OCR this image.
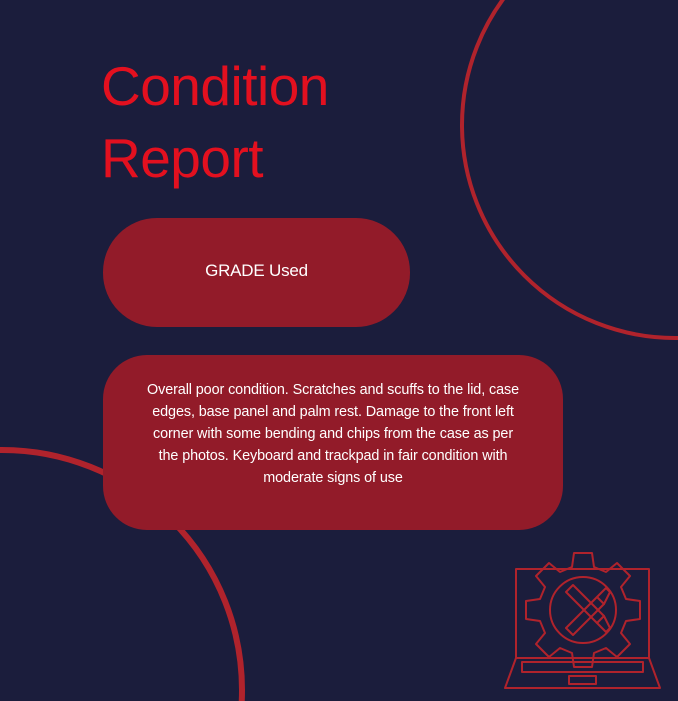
Condition
Report
GRADE Used

Overall poor condition. Scratches and scuffs to the lid, case edges, base panel and palm rest. Damage to the front left corner with some bending and chips from the case as per the photos. Keyboard and trackpad in fair condition with moderate signs of use
